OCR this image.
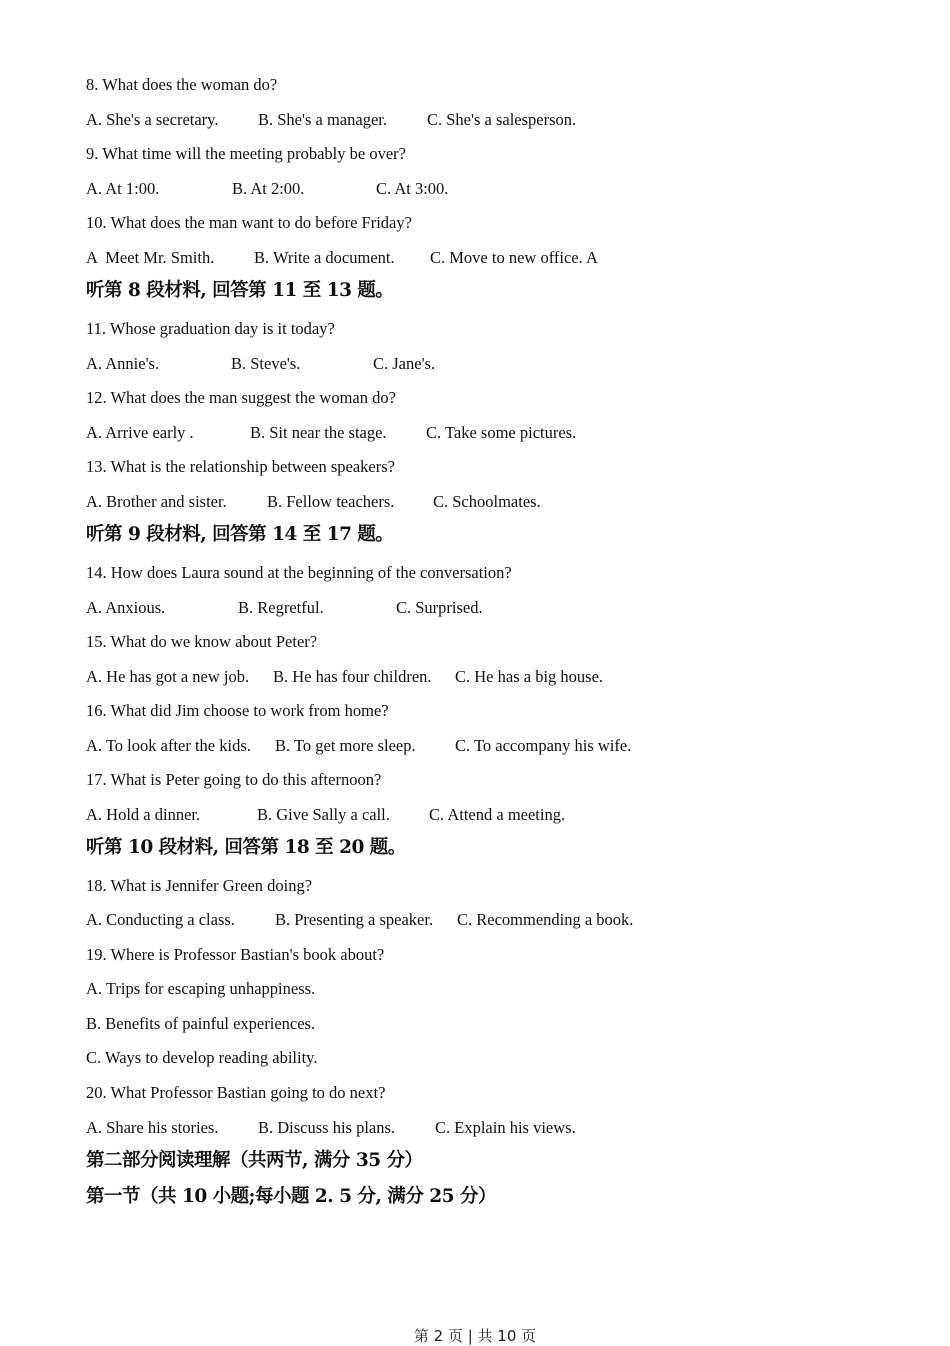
8. What does the woman do?
A. She's a secretary. B. She's a manager. C. She's a salesperson.
9. What time will the meeting probably be over?
A. At 1:00.	B. At 2:00.	C. At 3:00.
10. What does the man want to do before Friday?
A  Meet Mr. Smith. B. Write a document. C. Move to new office. A
听第 8 段材料, 回答第 11 至 13 题。
11. Whose graduation day is it today?
A. Annie's.	B. Steve's.	C. Jane's.
12. What does the man suggest the woman do?
A. Arrive early .	B. Sit near the stage. C. Take some pictures.
13. What is the relationship between speakers?
A. Brother and sister. B. Fellow teachers. C. Schoolmates.
听第 9 段材料, 回答第 14 至 17 题。
14. How does Laura sound at the beginning of the conversation?
A. Anxious.	B. Regretful.	C. Surprised.
15. What do we know about Peter?
A. He has got a new job. B. He has four children. C. He has a big house.
16. What did Jim choose to work from home?
A. To look after the kids. B. To get more sleep. C. To accompany his wife.
17. What is Peter going to do this afternoon?
A. Hold a dinner.	B. Give Sally a call. C. Attend a meeting.
听第 10 段材料, 回答第 18 至 20 题。
18. What is Jennifer Green doing?
A. Conducting a class. B. Presenting a speaker. C. Recommending a book.
19. Where is Professor Bastian's book about?
A. Trips for escaping unhappiness.
B. Benefits of painful experiences.
C. Ways to develop reading ability.
20. What Professor Bastian going to do next?
A. Share his stories. B. Discuss his plans. C. Explain his views.
第二部分阅读理解（共两节, 满分 35 分）
第一节（共 10 小题;每小题 2. 5 分, 满分 25 分）
第 2 页 | 共 10 页
